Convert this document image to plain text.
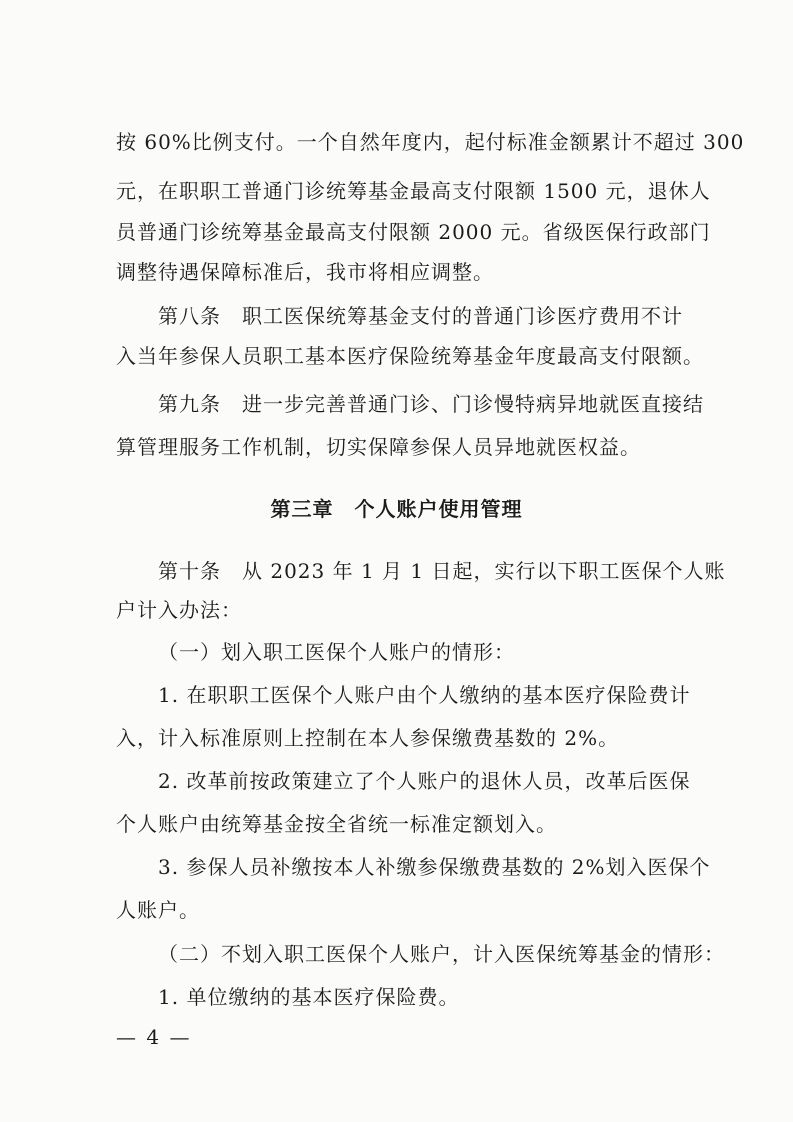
按 60%比例支付。一个自然年度内，起付标准金额累计不超过 300
元，在职职工普通门诊统筹基金最高支付限额 1500 元，退休人
员普通门诊统筹基金最高支付限额 2000 元。省级医保行政部门
调整待遇保障标准后，我市将相应调整。
第八条　职工医保统筹基金支付的普通门诊医疗费用不计
入当年参保人员职工基本医疗保险统筹基金年度最高支付限额。
第九条　进一步完善普通门诊、门诊慢特病异地就医直接结
算管理服务工作机制，切实保障参保人员异地就医权益。
第三章　个人账户使用管理
第十条　从 2023 年 1 月 1 日起，实行以下职工医保个人账
户计入办法：
（一）划入职工医保个人账户的情形：
1. 在职职工医保个人账户由个人缴纳的基本医疗保险费计
入，计入标准原则上控制在本人参保缴费基数的 2%。
2. 改革前按政策建立了个人账户的退休人员，改革后医保
个人账户由统筹基金按全省统一标准定额划入。
3. 参保人员补缴按本人补缴参保缴费基数的 2%划入医保个
人账户。
（二）不划入职工医保个人账户，计入医保统筹基金的情形：
1. 单位缴纳的基本医疗保险费。
— 4 —
